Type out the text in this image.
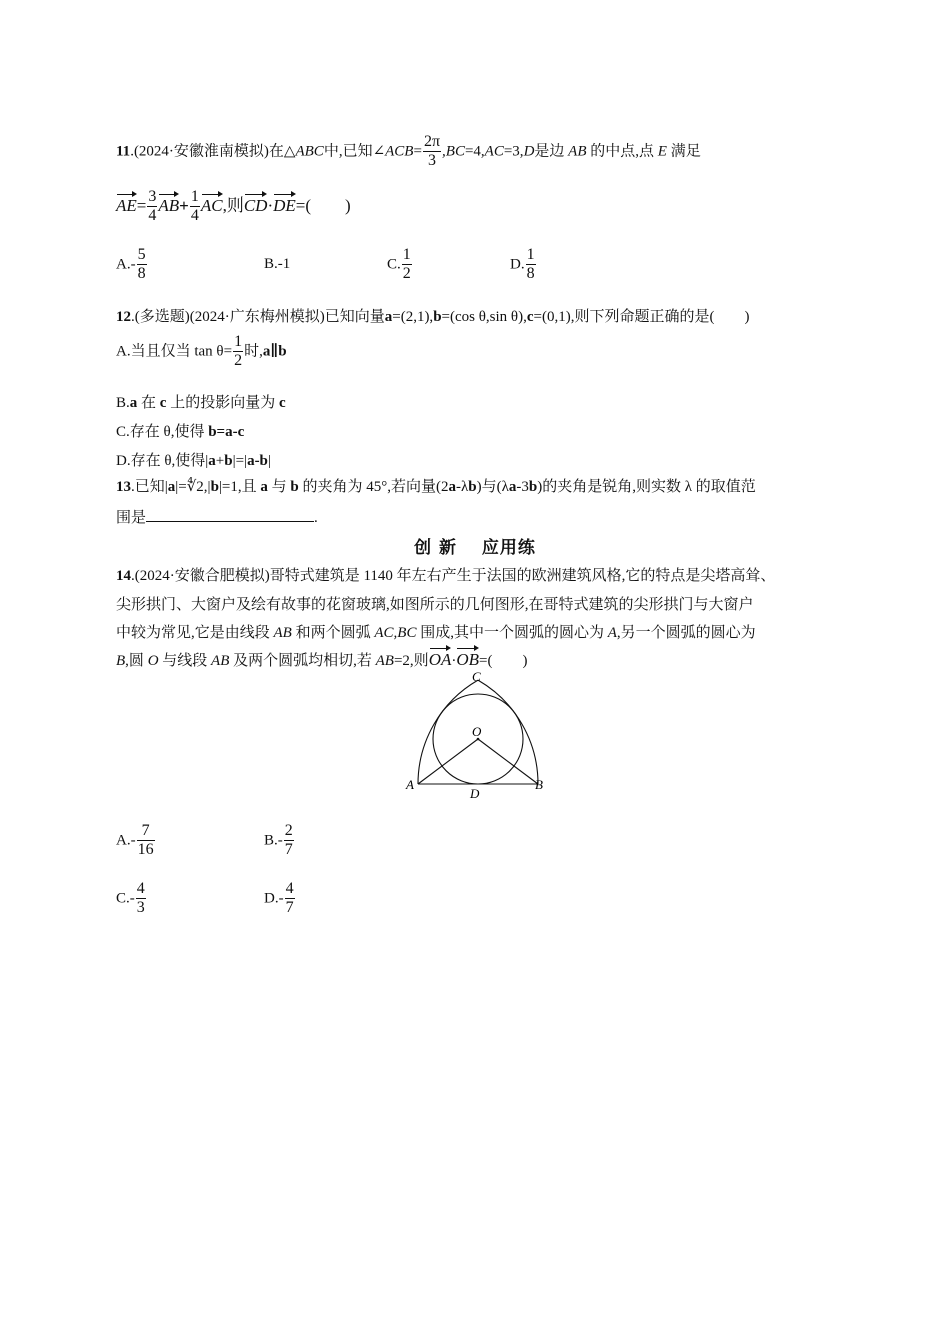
11.(2024·安徽淮南模拟)在△ABC中,已知∠ACB= $\frac{2\pi}{3} ,BC=4,AC=3,D$是边 AB 的中点,点 E 满足
$AE= \frac{3}{4} AB+ \frac{1}{4}$ AC,则CD·DE=(　　)
$A.- \frac{5}{8}$	B.-1	C. $\frac{1}{2}$	D. $\frac{1}{8}$
12.(多选题)(2024·广东梅州模拟)已知向量a=(2,1),b=(cos θ,sin θ),c=(0,1),则下列命题正确的是(　　)
A.当且仅当 $\tan \theta= \frac{1}{2}$ 时,a∥b
B.a 在 c 上的投影向量为 c
C.存在 θ,使得 b=a-c
D.存在 θ,使得|a+b|=|a-b|
13.已知|a|=∜2,|b|=1,且 a 与 b 的夹角为 45°,若向量(2a-λb)与(λa-3b)的夹角是锐角,则实数 λ 的取值范
围是	.
创 新　 应用练
14.(2024·安徽合肥模拟)哥特式建筑是 1140 年左右产生于法国的欧洲建筑风格,它的特点是尖塔高耸、
尖形拱门、大窗户及绘有故事的花窗玻璃,如图所示的几何图形,在哥特式建筑的尖形拱门与大窗户
中较为常见,它是由线段 AB 和两个圆弧 AC,BC 围成,其中一个圆弧的圆心为 A,另一个圆弧的圆心为
B,圆 O 与线段 AB 及两个圆弧均相切,若 AB=2,则OA·OB=(　　)
C
O
A
D
B
$A.- \frac{7}{16}$	$B.- \frac{2}{7}$
$C.- \frac{4}{3}$	$D.- \frac{4}{7}$
